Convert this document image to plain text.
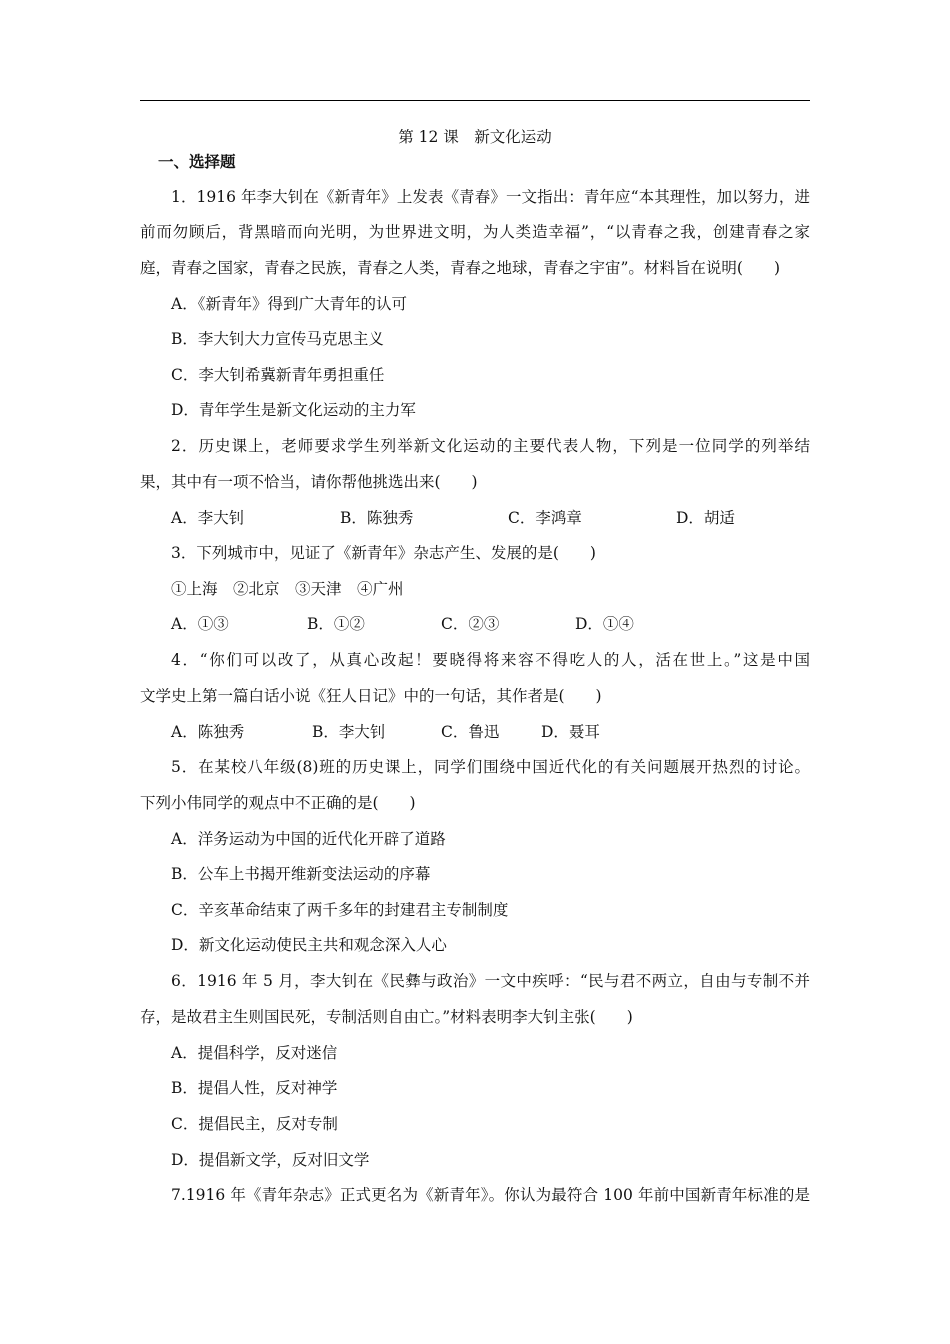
第 12 课　新文化运动
一、选择题
1．1916 年李大钊在《新青年》上发表《青春》一文指出：青年应“本其理性，加以努力，进
前而勿顾后，背黑暗而向光明，为世界进文明，为人类造幸福”，“以青春之我，创建青春之家
庭，青春之国家，青春之民族，青春之人类，青春之地球，青春之宇宙”。材料旨在说明(　　)
A．《新青年》得到广大青年的认可
B．李大钊大力宣传马克思主义
C．李大钊希冀新青年勇担重任
D．青年学生是新文化运动的主力军
2．历史课上，老师要求学生列举新文化运动的主要代表人物，下列是一位同学的列举结
果，其中有一项不恰当，请你帮他挑选出来(　　)
A．李大钊	B．陈独秀	C．李鸿章	D．胡适
3．下列城市中，见证了《新青年》杂志产生、发展的是(　　)
①上海　②北京　③天津　④广州
A．①③	B．①②	C．②③	D．①④
4．“你们可以改了，从真心改起！要晓得将来容不得吃人的人，活在世上。”这是中国
文学史上第一篇白话小说《狂人日记》中的一句话，其作者是(　　)
A．陈独秀	B．李大钊	C．鲁迅	D．聂耳
5．在某校八年级(8)班的历史课上，同学们围绕中国近代化的有关问题展开热烈的讨论。
下列小伟同学的观点中不正确的是(　　)
A．洋务运动为中国的近代化开辟了道路
B．公车上书揭开维新变法运动的序幕
C．辛亥革命结束了两千多年的封建君主专制制度
D．新文化运动使民主共和观念深入人心
6．1916 年 5 月，李大钊在《民彝与政治》一文中疾呼：“民与君不两立，自由与专制不并
存，是故君主生则国民死，专制活则自由亡。”材料表明李大钊主张(　　)
A．提倡科学，反对迷信
B．提倡人性，反对神学
C．提倡民主，反对专制
D．提倡新文学，反对旧文学
7.1916 年《青年杂志》正式更名为《新青年》。你认为最符合 100 年前中国新青年标准的是
